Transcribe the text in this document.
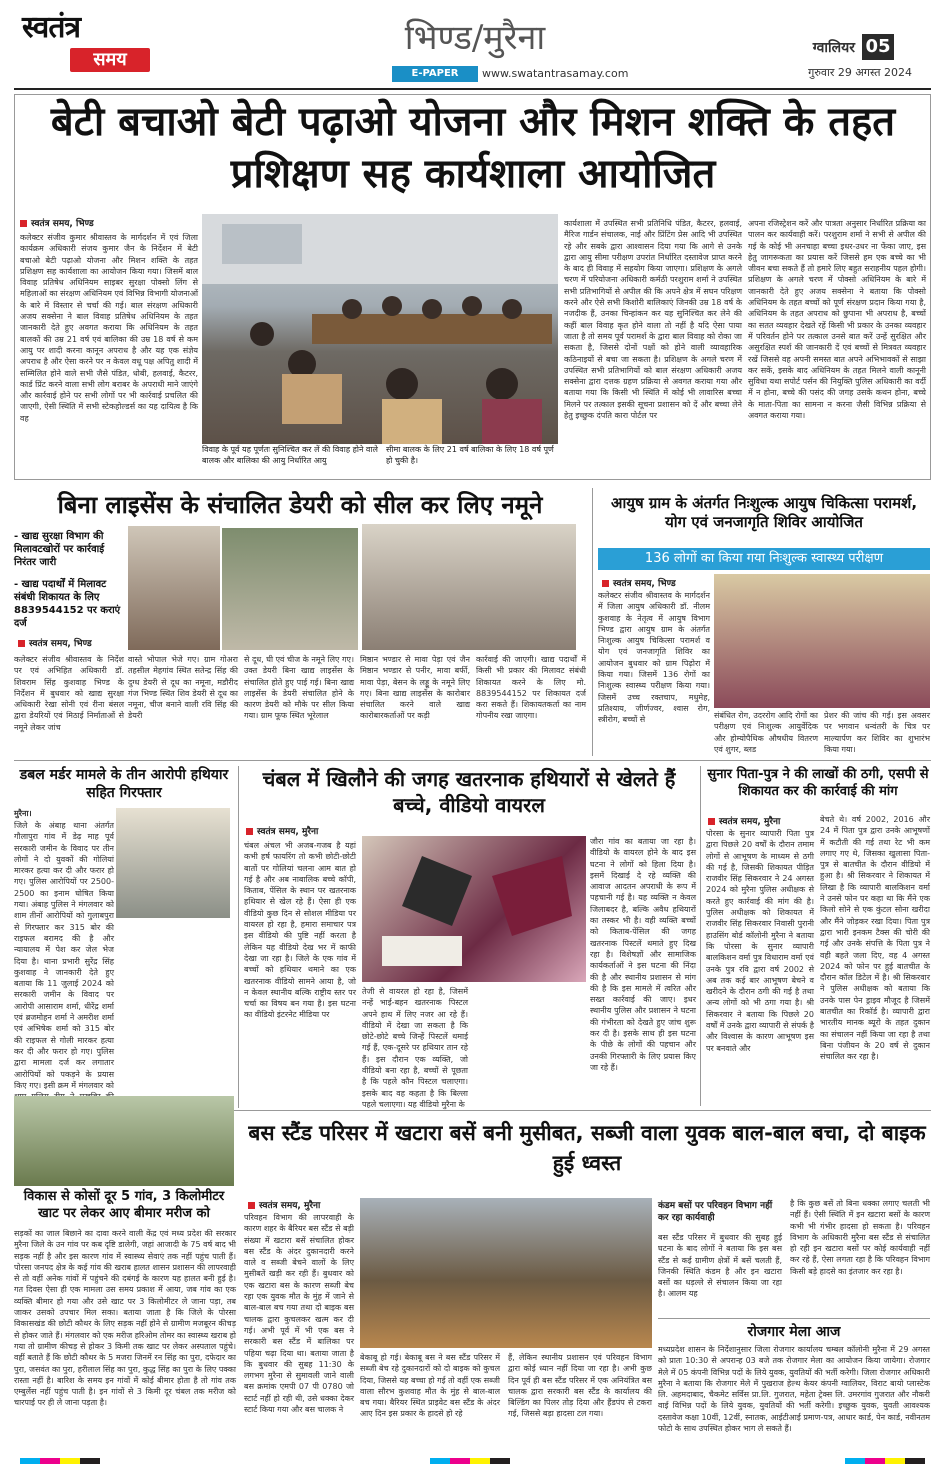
स्वतंत्र
समय
भिण्ड/मुरैना
E-PAPER	www.swatantrasamay.com
ग्वालियर 05
गुरुवार 29 अगस्त 2024
बेटी बचाओ बेटी पढ़ाओ योजना और मिशन शक्ति के तहत प्रशिक्षण सह कार्यशाला आयोजित
स्वतंत्र समय, भिण्ड
कलेक्टर संजीव कुमार श्रीवास्तव के मार्गदर्शन में एवं जिला कार्यक्रम अधिकारी संजय कुमार जैन के निर्देशन में बेटी बचाओ बेटी पढ़ाओ योजना और मिशन शक्ति के तहत प्रशिक्षण सह कार्यशाला का आयोजन किया गया। जिसमें बाल विवाह प्रतिषेध अधिनियम साइबर सुरक्षा पोक्सो लिंग से महिलाओं का संरक्षण अधिनियम एवं विभिन्न विभागी योजनाओं के बारे में विस्तार से चर्चा की गई। बाल संरक्षण अधिकारी अजय सक्सेना ने बाल विवाह प्रतिषेध अधिनियम के तहत जानकारी देते हुए अवगत कराया कि अधिनियम के तहत बालकों की उम्र 21 वर्ष एवं बालिका की उम्र 18 वर्ष से कम आयु पर शादी करना कानून अपराध है और यह एक संज्ञेय अपराध है और ऐसा करने पर न केवल वधू पक्ष अपितु शादी में सम्मिलित होने वाले सभी जैसे पंडित, धोबी, हलवाई, कैटरर, कार्ड प्रिंट करने वाला सभी लोग बराबर के अपराधी माने जाएंगे और कार्रवाई होने पर सभी लोगों पर भी कार्रवाई प्रचलित की जाएगी, ऐसी स्थिति में सभी स्टेकहोल्डर्स का यह दायित्व है कि वह
विवाह के पूर्व यह पूर्णतः सुनिश्चित कर लें की विवाह होने वाले बालक और बालिका की आयु निर्धारित आयु
सीमा बालक के लिए 21 वर्ष बालिका के लिए 18 वर्ष पूर्ण हो चुकी है।
कार्यशाला में उपस्थित सभी प्रतिनिधि पंडित, कैटरर, हलवाई, मैरिज गार्डन संचालक, नाई और प्रिंटिंग प्रेस आदि भी उपस्थित रहे और सबके द्वारा आश्वासन दिया गया कि आगे से उनके द्वारा आयु सीमा परीक्षण उपरांत निर्धारित दस्तावेज प्राप्त करने के बाद ही विवाह में सहयोग किया जाएगा। प्रशिक्षण के अगले चरण में परियोजना अधिकारी कर्मठी परशुराम शर्मा ने उपस्थित सभी प्रतिभागियों से अपील की कि अपने क्षेत्र में सघन परिक्षण करने और ऐसे सभी किशोरी बालिकाएं जिनकी उम्र 18 वर्ष के नजदीक हैं, उनका चिन्हांकन कर यह सुनिश्चित कर लेने की कहीं बाल विवाह कृत होने वाला तो नहीं है यदि ऐसा पाया जाता है तो समय पूर्व परामर्श के द्वारा बाल विवाह को रोका जा सकता है, जिससे दोनों पक्षों को होने वाली व्यावहारिक कठिनाइयों से बचा जा सकता है। प्रशिक्षण के अगले चरण में उपस्थित सभी प्रतिभागियों को बाल संरक्षण अधिकारी अजय सक्सेना द्वारा दत्तक ग्रहण प्रक्रिया से अवगत कराया गया और बताया गया कि किसी भी स्थिति में कोई भी लावारिस बच्चा मिलने पर तत्काल इसकी सूचना प्रशासन को दें और बच्चा लेने हेतु इच्छुक दंपति कारा पोर्टल पर
अपना रजिस्ट्रेशन करें और पात्रता अनुसार निर्धारित प्रक्रिया का पालन कर कार्यवाही करें। परशुराम शर्मा ने सभी से अपील की गई के कोई भी अनचाहा बच्चा इधर-उधर ना फेंका जाए, इस हेतु जागरूकता का प्रयास करें जिससे हम एक बच्चे का भी जीवन बचा सकते हैं तो हमारे लिए बहुत सराहनीय पहल होगी। प्रशिक्षण के अगले चरण में पोक्सो अधिनियम के बारे में जानकारी देते हुए अजय सक्सेना ने बताया कि पोक्सो अधिनियम के तहत बच्चों को पूर्ण संरक्षण प्रदान किया गया है, अधिनियम के तहत अपराध को छुपाना भी अपराध है, बच्चों का सतत व्यवहार देखते रहें किसी भी प्रकार के उनका व्यवहार में परिवर्तन होने पर तत्काल उनसे बात करें उन्हें सुरक्षित और असुरक्षित स्पर्श की जानकारी दें एवं बच्चों से मित्रवत व्यवहार रखें जिससे वह अपनी समस्त बात अपने अभिभावकों से साझा कर सकें, इसके बाद अधिनियम के तहत मिलने वाली कानूनी सुविधा यथा सपोर्ट पर्सन की नियुक्ति पुलिस अधिकारी का वर्दी में न होना, बच्चे की पसंद की जगह उसके कथन होना, बच्चे के माता-पिता का सामना न करना जैसी विभिन्न प्रक्रिया से अवगत कराया गया।
बिना लाइसेंस के संचालित डेयरी को सील कर लिए नमूने
- खाद्य सुरक्षा विभाग की मिलावटखोरों पर कार्रवाई निरंतर जारी
- खाद्य पदार्थों में मिलावट संबंधी शिकायत के लिए 8839544152 पर कराएं दर्ज
स्वतंत्र समय, भिण्ड
कलेक्टर संजीव श्रीवास्तव के निर्देश पर एवं अभिहित अधिकारी डॉ. शिवराम सिंह कुशवाह भिण्ड के निर्देशन में बुधवार को खाद्य सुरक्षा अधिकारी रेखा सोनी एवं रीना बंसल द्वारा डेयरियों एवं मिठाई निर्माताओं से नमूने लेकर जांच
वास्ते भोपाल भेजे गए। ग्राम गोअरा तहसील मेहगांव स्थित सतेन्द्र सिंह की दुग्ध डेयरी से दूध का नमूना, मडौरीद गंज भिण्ड स्थित शिव डेयरी से दूध का नमूना, चीज बनाने वाली रवि सिंह की डेयरी
से दूध, घी एवं चीज के नमूने लिए गए। उक्त डेयरी बिना खाद्य लाइसेंस के संचालित होते हुए पाई गई। बिना खाद्य लाइसेंस के डेयरी संचालित होने के कारण डेयरी को मौके पर सील किया गया। ग्राम फूफ स्थित भूरेलाल
मिष्ठान भण्डार से मावा पेड़ा एवं जैन मिष्ठान भण्डार से पनीर, मावा बर्फी, मावा पेड़ा, बेसन के लड्डू के नमूने लिए गए। बिना खाद्य लाइसेंस के कारोबार संचालित करने वाले खाद्य कारोबारकर्ताओं पर कड़ी
कार्रवाई की जाएगी। खाद्य पदार्थों में किसी भी प्रकार की मिलावट संबंधी शिकायत करने के लिए मो. 8839544152 पर शिकायत दर्ज करा सकते हैं। शिकायतकर्ता का नाम गोपनीय रखा जाएगा।
आयुष ग्राम के अंतर्गत निःशुल्क आयुष चिकित्सा परामर्श, योग एवं जनजागृति शिविर आयोजित
136 लोगों का किया गया निःशुल्क स्वास्थ्य परीक्षण
स्वतंत्र समय, भिण्ड
कलेक्टर संजीव श्रीवास्तव के मार्गदर्शन में जिला आयुष अधिकारी डॉ. नीलम कुशवाह के नेतृत्व में आयुष विभाग भिण्ड द्वारा आयुष ग्राम के अंतर्गत निःशुल्क आयुष चिकित्सा परामर्श व योग एवं जनजागृति शिविर का आयोजन बुधवार को ग्राम पिढ़ोरा में किया गया। जिसमें 136 रोगों का निःशुल्क स्वास्थ्य परीक्षण किया गया। जिसमें उच्च रक्तचाप, मधुमेह, प्रतिश्याय, जीर्णज्वर, श्वास रोग, स्त्रीरोग, बच्चों से	संबंधित रोग, उदररोग आदि रोगों का परीक्षण एवं निःशुल्क आयुर्वेदिक और होम्योपैथिक औषधीय वितरण एवं शुगर, ब्लड
प्रेशर की जांच की गई। इस अवसर पर भगवान धन्वंतरी के चित्र पर माल्यार्पण कर शिविर का शुभारंभ किया गया।
डबल मर्डर मामले के तीन आरोपी हथियार सहित गिरफ्तार
मुरैना।
जिले के अंबाह थाना अंतर्गत गौलापुरा गांव में डेढ़ माह पूर्व सरकारी जमीन के विवाद पर तीन लोगों ने दो युवकों की गोलियां मारकर हत्या कर दी और फरार हो गए। पुलिस आरोपियों पर 2500-2500 का इनाम घोषित किया गया। अंबाह पुलिस ने मंगलवार को शाम तीनों आरोपियों को गुलाबपुरा से गिरफ्तार कर 315 बोर की राइफल बरामद की है और न्यायालय में पेश कर जेल भेज दिया है। थाना प्रभारी सुरेंद्र सिंह कुशवाह ने जानकारी देते हुए बताया कि 11 जुलाई 2024 को सरकारी जमीन के विवाद पर आरोपी आसाराम शर्मा, धीरेंद्र शर्मा एवं ब्रजमोहन शर्मा ने अमरीश शर्मा एवं अभिषेक शर्मा को 315 बोर की राइफल से गोली मारकर हत्या कर दी और फरार हो गए। पुलिस द्वारा मामला दर्ज कर लगातार आरोपियों को पकड़ने के प्रयास किए गए। इसी क्रम में मंगलवार को
चंबल में खिलौने की जगह खतरनाक हथियारों से खेलते हैं बच्चे, वीडियो वायरल
स्वतंत्र समय, मुरैना
चंबल अंचल भी अजब-गजब है यहां कभी हर्ष फायरिंग तो कभी छोटी-छोटी बातों पर गोलियां चलना आम बात हो गई है और अब नाबालिक बच्चे कॉपी, किताब, पेंसिल के स्थान पर खतरनाक हथियार से खेल रहे हैं। ऐसा ही एक वीडियो कुछ दिन से सोशल मीडिया पर वायरल हो रहा है, हमारा समाचार पत्र इस वीडियो की पुष्टि नहीं करता है लेकिन यह वीडियो देख भर में काफी देखा जा रहा है। जिले के एक गांव में बच्चों को हथियार थमाने का एक खतरनाक वीडियो सामने आया है, जो न केवल स्थानीय बल्कि राष्ट्रीय स्तर पर चर्चा का विषय बन गया है। इस घटना का वीडियो इंटरनेट मीडिया पर
तेजी से वायरल हो रहा है, जिसमें नन्हें भाई-बहन खतरनाक पिस्टल अपने हाथ में लिए नजर आ रहे हैं। वीडियो में देखा जा सकता है कि छोटे-छोटे बच्चे जिन्हें पिस्टलें थमाई गई हैं, एक-दूसरे पर हथियार तान रहे हैं। इस दौरान एक व्यक्ति, जो वीडियो बना रहा है, बच्चों से पूछता है कि पहले कौन पिस्टल चलाएगा। इसके बाद वह कहता है कि बिल्ला पहले चलाएगा। यह वीडियो मुरैना के
जौरा गांव का बताया जा रहा है। वीडियो के वायरल होने के बाद इस घटना ने लोगों को हिला दिया है। इसमें दिखाई दे रहे व्यक्ति की आवाज आदतन अपराधी के रूप में पहचानी गई है। यह व्यक्ति न केवल जिलाबदर है, बल्कि अवैध हथियारों का तस्कर भी है। वही व्यक्ति बच्चों को किताब-पेंसिल की जगह खतरनाक पिस्टलें थमाते हुए दिख रहा है। विशेषज्ञों और सामाजिक कार्यकर्ताओं ने इस घटना की निंदा की है और स्थानीय प्रशासन से मांग की है कि इस मामले में त्वरित और सख्त कार्रवाई की जाए। इधर स्थानीय पुलिस और प्रशासन ने घटना की गंभीरता को देखते हुए जांच शुरू कर दी है। इसके साथ ही इस घटना के पीछे के लोगों की पहचान और उनकी गिरफ्तारी के लिए प्रयास किए जा रहे हैं।
सुनार पिता-पुत्र ने की लाखों की ठगी, एसपी से शिकायत कर की कार्रवाई की मांग
स्वतंत्र समय, मुरैना
पोरसा के सुनार व्यापारी पिता पुत्र द्वारा पिछले 20 वर्षों के दौरान तमाम लोगों से आभूषण के माध्यम से ठगी की गई है, जिसकी शिकायत पीड़ित राजवीर सिंह सिकरवार ने 24 अगस्त 2024 को मुरैना पुलिस अधीक्षक से करते हुए कार्रवाई की मांग की है। पुलिस अधीक्षक को शिकायत में राजवीर सिंह सिकरवार निवासी पुरानी हाउसिंग बोर्ड कॉलोनी मुरैना ने बताया कि पोरसा के सुनार व्यापारी बालकिशन वर्मा पुत्र विधाराम वर्मा एवं उनके पुत्र रवि द्वारा वर्ष 2002 से अब तक कई बार आभूषण बेचने व खरीदने के दौरान ठगी की गई है तथा अन्य लोगों को भी ठगा गया है। श्री सिकरवार ने बताया कि पिछले 20 वर्षों में उनके द्वारा व्यापारी से संपर्क है और विश्वास के कारण आभूषण इस पर बनवाते और
बेचते थे। वर्ष 2002, 2016 और 24 में पिता पुत्र द्वारा उनके आभूषणों में कटौती की गई तथा रेट भी कम लगाए गए थे, जिसका खुलासा पिता-पुत्र से बातचीत के दौरान वीडियो में हुआ है। श्री सिकरवार ने शिकायत में लिखा है कि व्यापारी बालकिशन वर्मा ने उनसे फोन पर कहा था कि मैंने एक किलो सोने से एक कुंटल सोना खरीदा और मैंने जोड़कर रखा दिया। पिता पुत्र द्वारा भारी इनकम टैक्स की चोरी की गई और उनके संपत्ति के पिता पुत्र ने वही बहते जला दिए, वह 4 अगस्त 2024 को फोन पर हुई बातचीत के दौरान कॉल डिटेल में है। श्री सिकरवार ने पुलिस अधीक्षक को बताया कि उनके पास पेन ड्राइव मौजूद है जिसमें बातचीत का रिकॉर्ड है। व्यापारी द्वारा भारतीय मानक ब्यूरो के तहत दुकान का संचालन नहीं किया जा रहा है तथा बिना पंजीयन के 20 वर्ष से दुकान संचालित कर रहा है।
विकास से कोसों दूर 5 गांव, 3 किलोमीटर खाट पर लेकर आए बीमार मरीज को
सड़कों का जाल बिछाने का दावा करने वाली केंद्र एवं मध्य प्रदेश की सरकार मुरैना जिले के उन गांव पर कब दृष्टि डालेगी, जहां आजादी के 75 वर्ष बाद भी सड़क नहीं है और इस कारण गांव में स्वास्थ्य सेवाएं तक नहीं पहुंच पाती हैं। पोरसा जनपद क्षेत्र के कई गांव की खराब हालत शासन प्रशासन की लापरवाही से तो वहीं अनेक गांवों में पहुंचने की दबंगई के कारण यह हालत बनी हुई है। गत दिवस ऐसा ही एक मामला उस समय प्रकाश में आया, जब गांव का एक व्यक्ति बीमार हो गया और उसे खाट पर 3 किलोमीटर ले जाना पड़ा, तब जाकर उसको उपचार मिल सका। बताया जाता है कि जिले के पोरसा विकासखंड की छोटी कौथर के लिए सड़क नहीं होने से ग्रामीण मजबूरन कीचड़ से होकर जाते हैं। मंगलवार को एक मरीज हरिओम तोमर का स्वास्थ्य खराब हो गया तो ग्रामीण कीचड़ से होकर 3 किमी तक खाट पर लेकर अस्पताल पहुंचे। वहीं बताते हैं कि छोटी कौथर के 5 मजरा जिनमें रन सिंह का पुरा, दफेदार का पुरा, जसवंत का पुरा, हरीलाल सिंह का पुरा, कुद्ध सिंह का पुरा के लिए पक्का रास्ता नहीं है। बारिश के समय इन गांवों में कोई बीमार होता है तो गांव तक एम्बुलेंस नहीं पहुंच पाती है। इन गांवों से 3 किमी दूर चंबल तक मरीज को चारपाई पर ही ले जाना पड़ता है।
बस स्टैंड परिसर में खटारा बसें बनी मुसीबत, सब्जी वाला युवक बाल-बाल बचा, दो बाइक हुई ध्वस्त
स्वतंत्र समय, मुरैना
परिवहन विभाग की लापरवाही के कारण शहर के बैरियर बस स्टैंड से बड़ी संख्या में खटारा बसें संचालित होकर बस स्टैंड के अंदर दुकानदारी करने वाले व सब्जी बेचने वालों के लिए मुसीबतें खड़ी कर रही हैं। बुधवार को एक खटारा बस के कारण सब्जी बेच रहा एक युवक मौत के मुंह में जाने से बाल-बाल बच गया तथा दो बाइक बस चालक द्वारा कुचलकर खत्म कर दी गई। अभी पूर्व में भी एक बस ने सरकारी बस स्टैंड में बालिका पर पहिया चढ़ा दिया था। बताया जाता है कि बुधवार की सुबह 11:30 के लगभग मुरैना से सुमावली जाने वाली बस क्रमांक एमपी 07 पी 0780 जो स्टार्ट नहीं हो रही थी, उसे धक्का देकर स्टार्ट किया गया और बस चालक ने
बेकाबू हो गई। बेकाबू बस ने बस स्टैंड परिसर में सब्जी बेच रहे दुकानदारों को दो बाइक को कुचल दिया, जिससे यह बच्चा हो गई तो वहीं एक सब्जी वाला सौरभ कुशवाह मौत के मुंह से बाल-बाल बच गया। बैरियर स्थित प्राइवेट बस स्टैंड के अंदर आए दिन इस प्रकार के हादसे हो रहे
हैं, लेकिन स्थानीय प्रशासन एवं परिवहन विभाग द्वारा कोई ध्यान नहीं दिया जा रहा है। अभी कुछ दिन पूर्व ही बस स्टैंड परिसर में एक अनियंत्रित बस चालक द्वारा सरकारी बस स्टैंड के कार्यालय की बिल्डिंग का पिलर तोड़ दिया और हैंडपंप से टकरा गई, जिससे बड़ा हादसा टल गया।
कंडम बसों पर परिवहन विभाग नहीं कर रहा कार्यवाही
बस स्टैंड परिसर में बुधवार की सुबह हुई घटना के बाद लोगों ने बताया कि इस बस स्टैंड से कई ग्रामीण क्षेत्रों में बसें चलती हैं, जिनकी स्थिति कंडम है और इन खटारा बसों का धड़ल्ले से संचालन किया जा रहा है। आलम यह
है कि कुछ बसें तो बिना धक्का लगाए चलती भी नहीं हैं। ऐसी स्थिति में इन खटारा बसों के कारण कभी भी गंभीर हादसा हो सकता है। परिवहन विभाग के अधिकारी मुरैना बस स्टैंड से संचालित हो रही इन खटारा बसों पर कोई कार्यवाही नहीं कर रहे हैं, ऐसा लगता रहा है कि परिवहन विभाग किसी बड़े हादसे का इंतजार कर रहा है।
रोजगार मेला आज
मध्यप्रदेश शासन के निर्देशानुसार जिला रोजगार कार्यालय चम्बल कॉलोनी मुरैना में 29 अगस्त को प्रातः 10:30 से अपरान्ह 03 बजे तक रोजगार मेला का आयोजन किया जायेगा। रोजगार मेले में 05 कंपनी विभिन्न पदों के लिये युवक, युवतियों की भर्ती करेगी। जिला रोजगार अधिकारी मुरैना ने बताया कि रोजगार मेले में पुखराज हेल्थ केयर कंपनी ग्वालियर, विराट बायो प्लास्टेक लि. अहमदाबाद, चैकमेट सर्विस प्रा.लि. गुजरात, महेता ट्रेक्स लि. उमरगांव गुजरात और नौकरी वाई विभिन्न पदों के लिये युवक, युवतियों की भर्ती करेगी। इच्छुक युवक, युवती आवश्यक दस्तावेज कक्षा 10वीं, 12वीं, स्नातक, आईटीआई प्रमाण-पत्र, आधार कार्ड, पेन कार्ड, नवीनतम फोटो के साथ उपस्थित होकर भाग ले सकते हैं।
